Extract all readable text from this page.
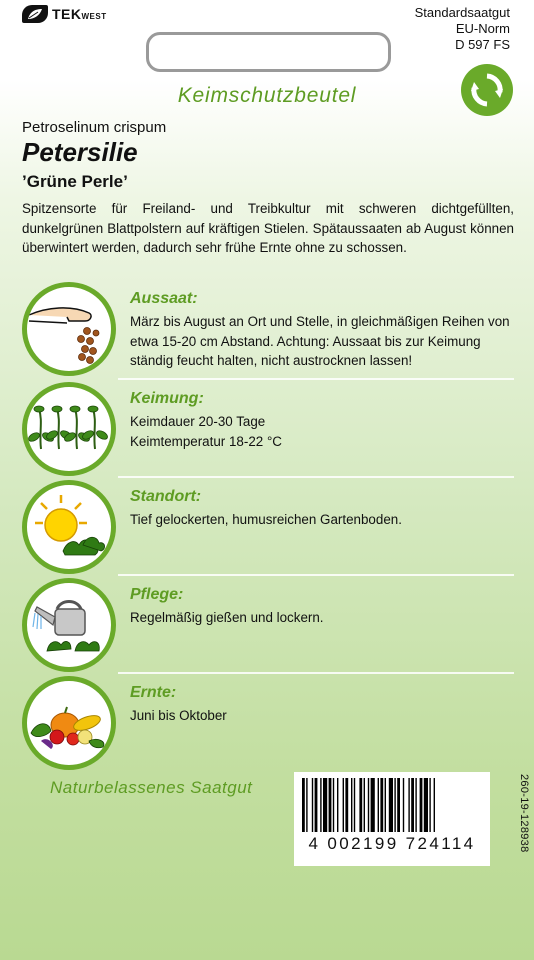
TEKWEST	Standardsaatgut
EU-Norm
D 597 FS
Keimschutzbeutel
Petroselinum crispum
Petersilie
’Grüne Perle’
Spitzensorte für Freiland- und Treibkultur mit schweren dichtgefüllten, dunkelgrünen Blattpolstern auf kräftigen Stielen. Spätaussaaten ab August können überwintert werden, dadurch sehr frühe Ernte ohne zu schossen.
Aussaat:
März bis August an Ort und Stelle, in gleichmäßigen Reihen von etwa 15-20 cm Abstand. Achtung: Aussaat bis zur Keimung ständig feucht halten, nicht austrocknen lassen!
Keimung:
Keimdauer 20-30 Tage
Keimtemperatur 18-22 °C
Standort:
Tief gelockerten, humusreichen Gartenboden.
Pflege:
Regelmäßig gießen und lockern.
Ernte:
Juni bis Oktober
Naturbelassenes Saatgut
4 002199 724114	260-19-128938
